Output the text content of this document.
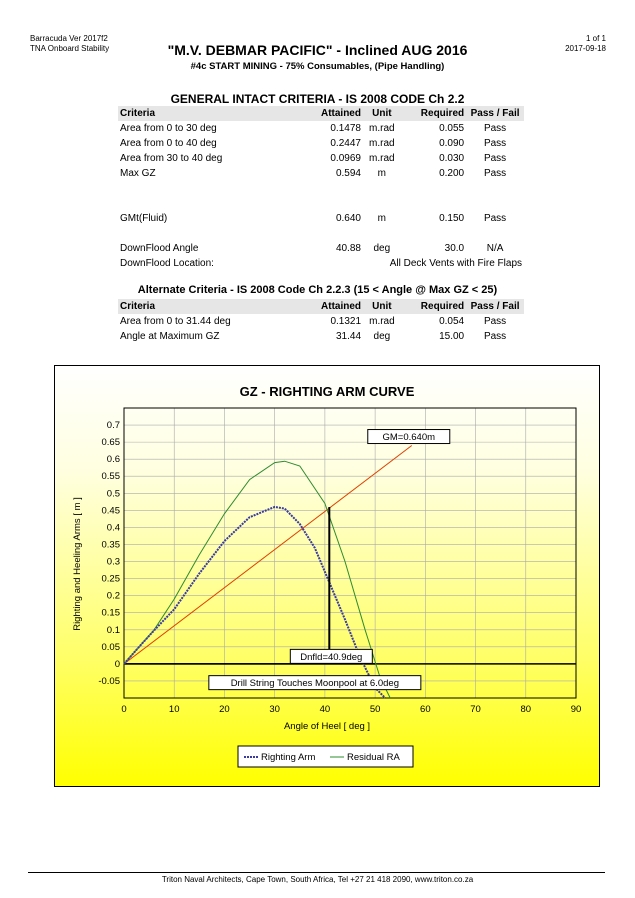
Barracuda Ver 2017f2
TNA Onboard Stability
1 of 1
2017-09-18
"M.V. DEBMAR PACIFIC" - Inclined AUG 2016
#4c START MINING - 75% Consumables, (Pipe Handling)
GENERAL INTACT CRITERIA - IS 2008 CODE Ch 2.2
Criteria	Attained	Unit	Required	Pass / Fail
Area from 0 to 30 deg	0.1478	m.rad	0.055	Pass
Area from 0 to 40 deg	0.2447	m.rad	0.090	Pass
Area from 30 to 40 deg	0.0969	m.rad	0.030	Pass
Max GZ	0.594	m	0.200	Pass

GMt(Fluid)	0.640	m	0.150	Pass

DownFlood Angle	40.88	deg	30.0	N/A
DownFlood Location:	All Deck Vents with Fire Flaps			
Alternate Criteria - IS 2008 Code Ch 2.2.3 (15 < Angle @ Max GZ < 25)
Criteria	Attained	Unit	Required	Pass / Fail
Area from 0 to 31.44 deg	0.1321	m.rad	0.054	Pass
Angle at Maximum GZ	31.44	deg	15.00	Pass
GZ - RIGHTING ARM CURVE
0	10	20	30	40	50	60	70	80	90
-0.05
0
0.05
0.1
0.15
0.2
0.25
0.3
0.35
0.4
0.45
0.5
0.55
0.6
0.65
0.7
GM=0.640m
Dnfld=40.9deg
Drill String Touches Moonpool at 6.0deg
Angle of Heel [ deg ]
Righting and Heeling Arms [ m ]
Righting Arm	Residual RA
Triton Naval Architects, Cape Town, South Africa, Tel +27 21 418 2090, www.triton.co.za
